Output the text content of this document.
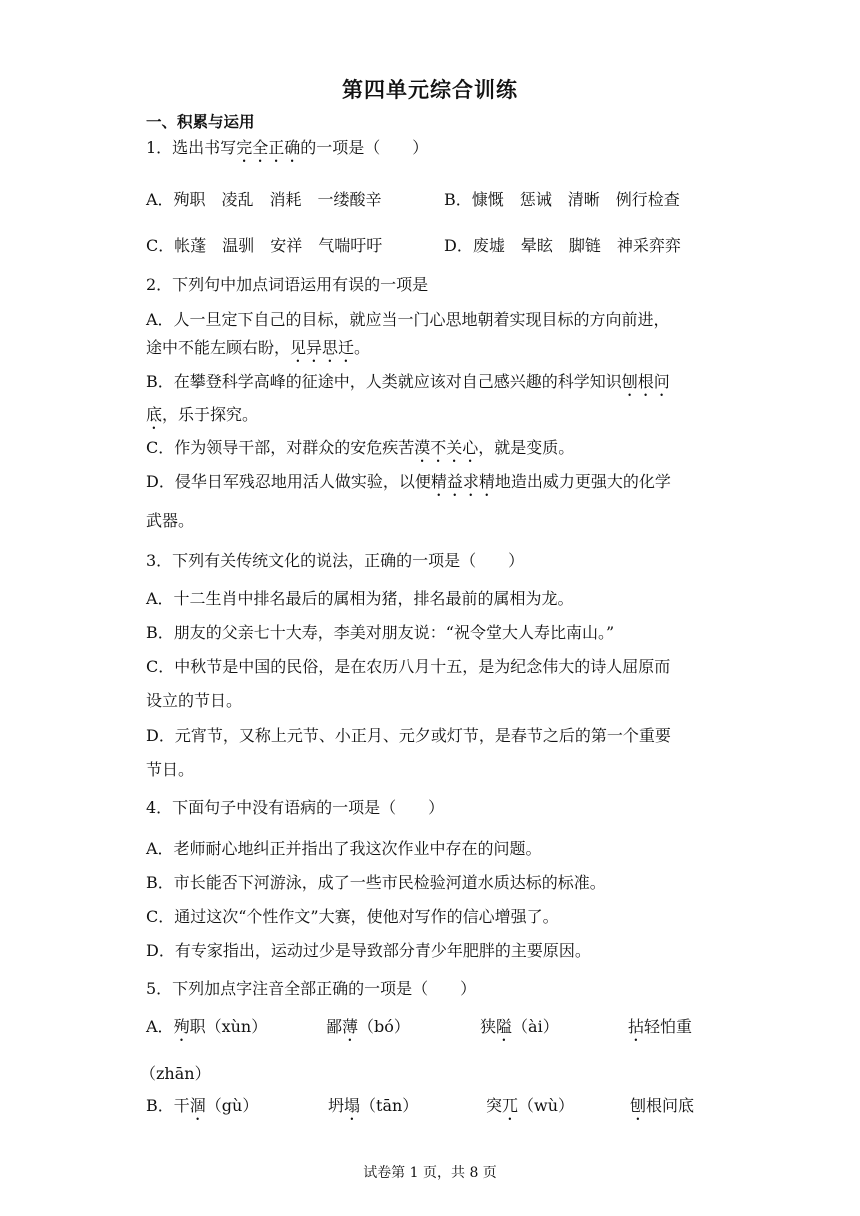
第四单元综合训练
一、积累与运用
1．选出书写完全正确的一项是（　　）
A．殉职　凌乱　消耗　一缕酸辛	B．慷慨　惩诫　清晰　例行检查
C．帐蓬　温驯　安祥　气喘吁吁	D．废墟　晕眩　脚链　神采弈弈
2．下列句中加点词语运用有误的一项是
A．人一旦定下自己的目标，就应当一门心思地朝着实现目标的方向前进，
途中不能左顾右盼，见异思迁。
B．在攀登科学高峰的征途中，人类就应该对自己感兴趣的科学知识刨根问
底，乐于探究。
C．作为领导干部，对群众的安危疾苦漠不关心，就是变质。
D．侵华日军残忍地用活人做实验，以便精益求精地造出威力更强大的化学
武器。
3．下列有关传统文化的说法，正确的一项是（　　）
A．十二生肖中排名最后的属相为猪，排名最前的属相为龙。
B．朋友的父亲七十大寿，李美对朋友说：“祝令堂大人寿比南山。”
C．中秋节是中国的民俗，是在农历八月十五，是为纪念伟大的诗人屈原而
设立的节日。
D．元宵节，又称上元节、小正月、元夕或灯节，是春节之后的第一个重要
节日。
4．下面句子中没有语病的一项是（　　）
A．老师耐心地纠正并指出了我这次作业中存在的问题。
B．市长能否下河游泳，成了一些市民检验河道水质达标的标准。
C．通过这次“个性作文”大赛，使他对写作的信心增强了。
D．有专家指出，运动过少是导致部分青少年肥胖的主要原因。
5．下列加点字注音全部正确的一项是（　　）
A．殉职（xùn）	鄙薄（bó）	狭隘（ài）	拈轻怕重
（zhān）
B．干涸（gù）	坍塌（tān）	突兀（wù）	刨根问底
试卷第 1 页，共 8 页
